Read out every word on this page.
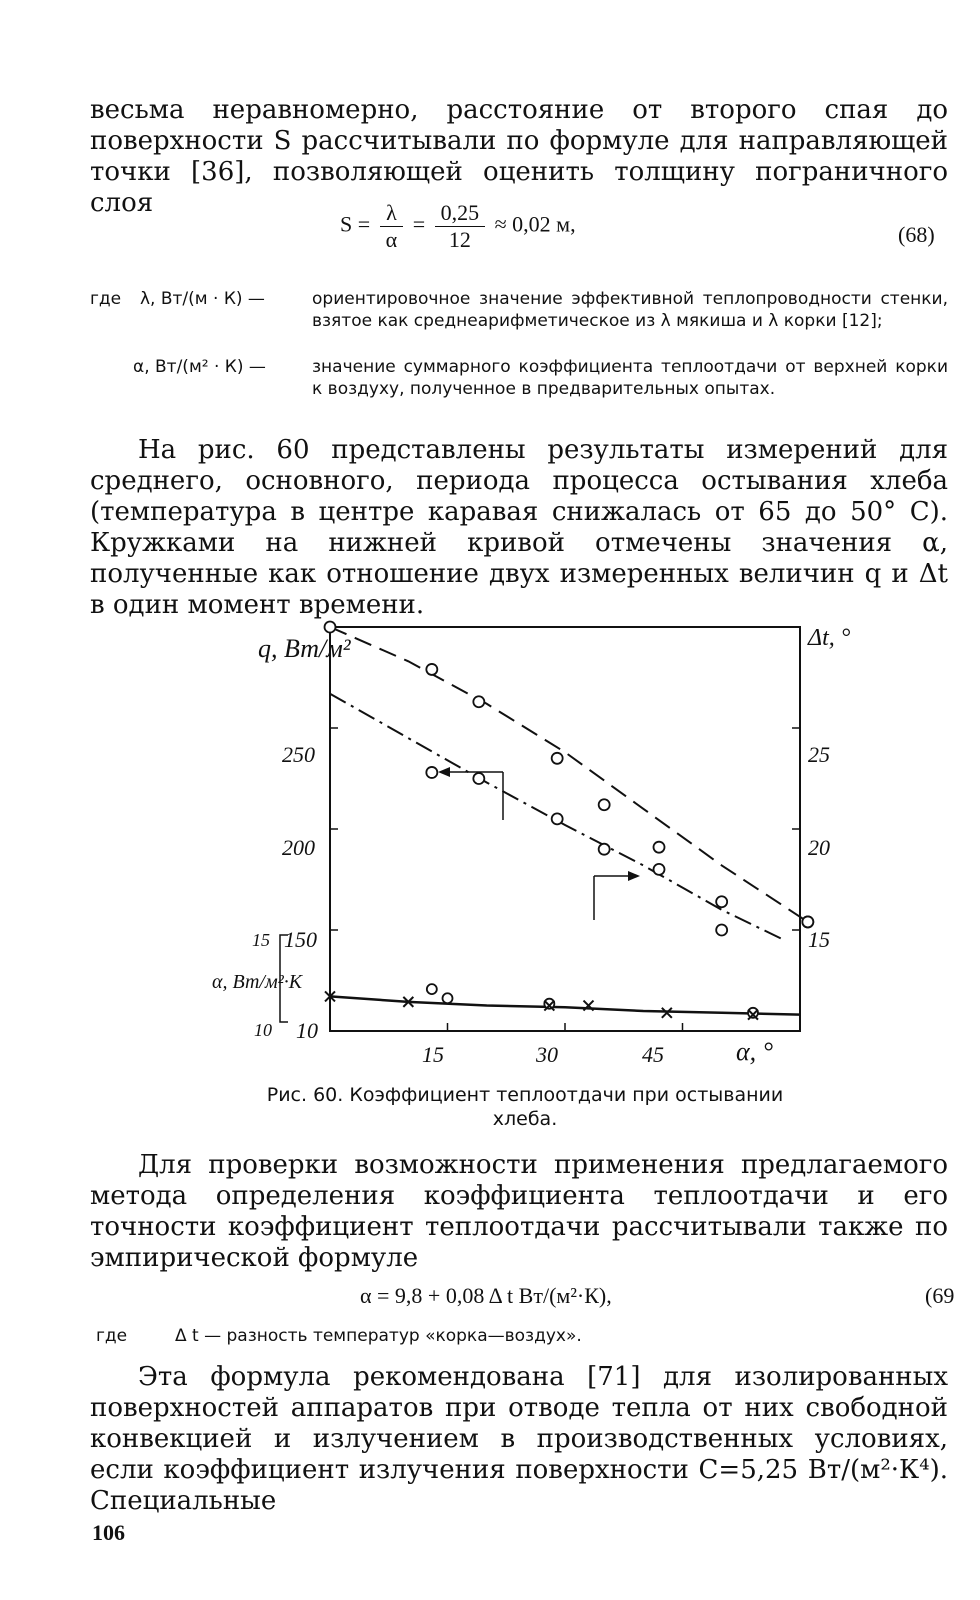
весьма неравномерно, расстояние от второго спая до поверхности S рассчитывали по формуле для направляющей точки [36], позволяющей оценить толщину пограничного слоя

$S = \frac{\lambda}{\alpha} = \frac{0,25}{12} \approx 0,02$ м,	(68)
где λ, Вт/(м · К) —	ориентировочное значение эффективной теплопроводности стенки, взятое как среднеарифметическое из λ мякиша и λ корки [12];
α, Вт/(м² · К) —	значение суммарного коэффициента теплоотдачи от верхней корки к воздуху, полученное в предварительных опытах.

На рис. 60 представлены результаты измерений для среднего, основного, периода процесса остывания хлеба (температура в центре каравая снижалась от 65 до 50° С). Кружками на нижней кривой отмечены значения α, полученные как отношение двух измеренных величин q и Δt в один момент времени.

q, Вт/м²	Δt, °
α, Вт/м²·К
α, °
250
200
150
10
15
10
25
20
15
15	30	45
Рис. 60. Коэффициент теплоотдачи при остывании
хлеба.

Для проверки возможности применения предлагаемого метода определения коэффициента теплоотдачи и его точности коэффициент теплоотдачи рассчитывали также по эмпирической формуле

α = 9,8 + 0,08 Δ t Вт/(м²·К),	(69
где	Δ t — разность температур «корка—воздух».

Эта формула рекомендована [71] для изолированных поверхностей аппаратов при отводе тепла от них свободной конвекцией и излучением в производственных условиях, если коэффициент излучения поверхности C=5,25 Вт/(м²·К⁴). Специальные

106
